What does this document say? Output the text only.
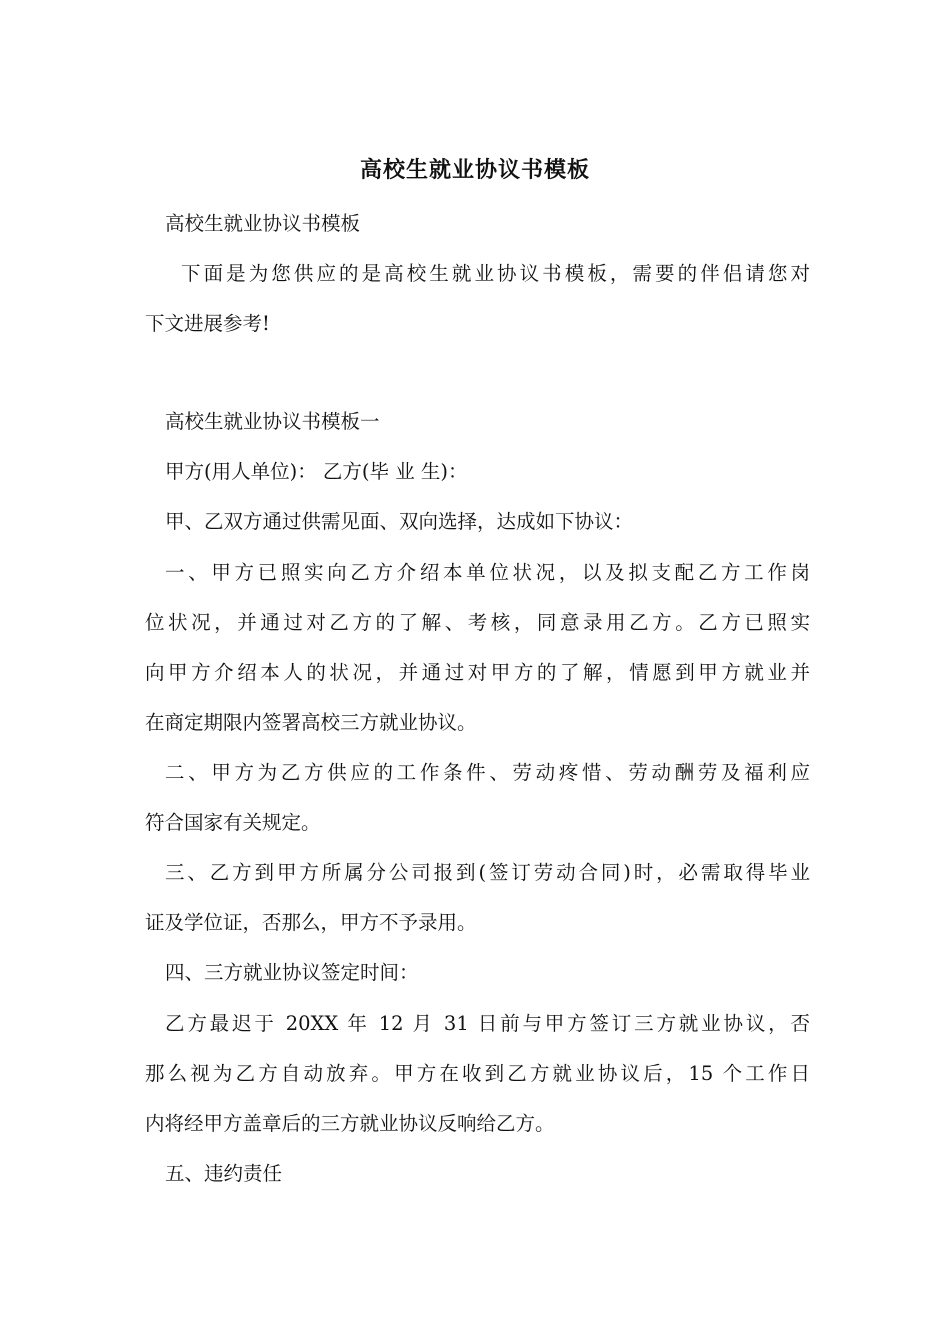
高校生就业协议书模板
高校生就业协议书模板
下面是为您供应的是高校生就业协议书模板，需要的伴侣请您对
下文进展参考!
高校生就业协议书模板一
甲方(用人单位)： 乙方(毕 业 生)：
甲、乙双方通过供需见面、双向选择，达成如下协议：
一、甲方已照实向乙方介绍本单位状况，以及拟支配乙方工作岗
位状况，并通过对乙方的了解、考核，同意录用乙方。乙方已照实
向甲方介绍本人的状况，并通过对甲方的了解，情愿到甲方就业并
在商定期限内签署高校三方就业协议。
二、甲方为乙方供应的工作条件、劳动疼惜、劳动酬劳及福利应
符合国家有关规定。
三、乙方到甲方所属分公司报到(签订劳动合同)时，必需取得毕业
证及学位证，否那么，甲方不予录用。
四、三方就业协议签定时间：
乙方最迟于 20XX 年 12 月 31 日前与甲方签订三方就业协议，否
那么视为乙方自动放弃。甲方在收到乙方就业协议后，15 个工作日
内将经甲方盖章后的三方就业协议反响给乙方。
五、违约责任
